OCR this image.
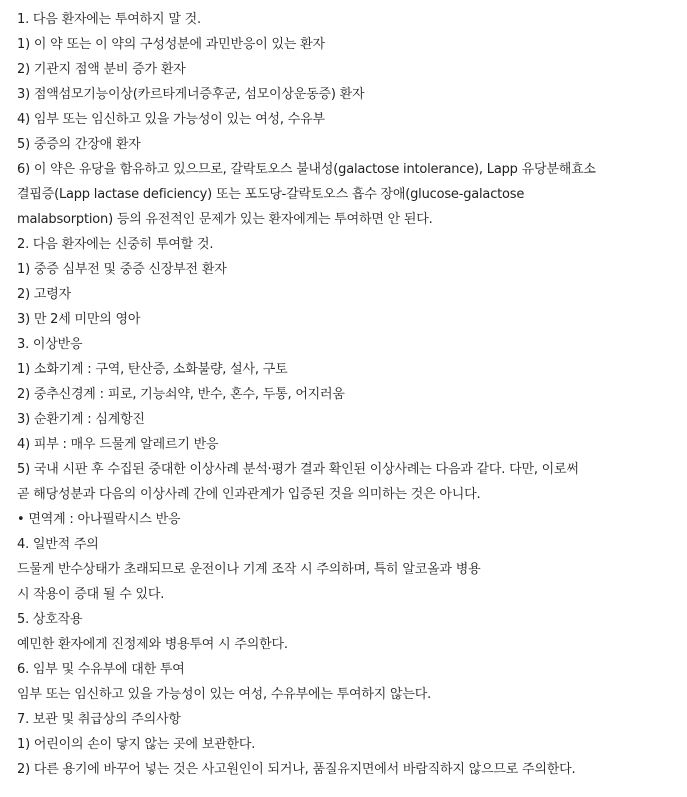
1. 다음 환자에는 투여하지 말 것.
1) 이 약 또는 이 약의 구성성분에 과민반응이 있는 환자
2) 기관지 점액 분비 증가 환자
3) 점액섬모기능이상(카르타게너증후군, 섬모이상운동증) 환자
4) 임부 또는 임신하고 있을 가능성이 있는 여성, 수유부
5) 중증의 간장애 환자
6) 이 약은 유당을 함유하고 있으므로, 갈락토오스 불내성(galactose intolerance), Lapp 유당분해효소
결핍증(Lapp lactase deficiency) 또는 포도당-갈락토오스 흡수 장애(glucose-galactose
malabsorption) 등의 유전적인 문제가 있는 환자에게는 투여하면 안 된다.
2. 다음 환자에는 신중히 투여할 것.
1) 중증 심부전 및 중증 신장부전 환자
2) 고령자
3) 만 2세 미만의 영아
3. 이상반응
1) 소화기계 : 구역, 탄산증, 소화불량, 설사, 구토
2) 중추신경계 : 피로, 기능쇠약, 반수, 혼수, 두통, 어지러움
3) 순환기계 : 심계항진
4) 피부 : 매우 드물게 알레르기 반응
5) 국내 시판 후 수집된 중대한 이상사례 분석·평가 결과 확인된 이상사례는 다음과 같다. 다만, 이로써
곧 해당성분과 다음의 이상사례 간에 인과관계가 입증된 것을 의미하는 것은 아니다.
• 면역계 : 아나필락시스 반응
4. 일반적 주의
드물게 반수상태가 초래되므로 운전이나 기계 조작 시 주의하며, 특히 알코올과 병용
시 작용이 증대 될 수 있다.
5. 상호작용
예민한 환자에게 진정제와 병용투여 시 주의한다.
6. 임부 및 수유부에 대한 투여
임부 또는 임신하고 있을 가능성이 있는 여성, 수유부에는 투여하지 않는다.
7. 보관 및 취급상의 주의사항
1) 어린이의 손이 닿지 않는 곳에 보관한다.
2) 다른 용기에 바꾸어 넣는 것은 사고원인이 되거나, 품질유지면에서 바람직하지 않으므로 주의한다.
